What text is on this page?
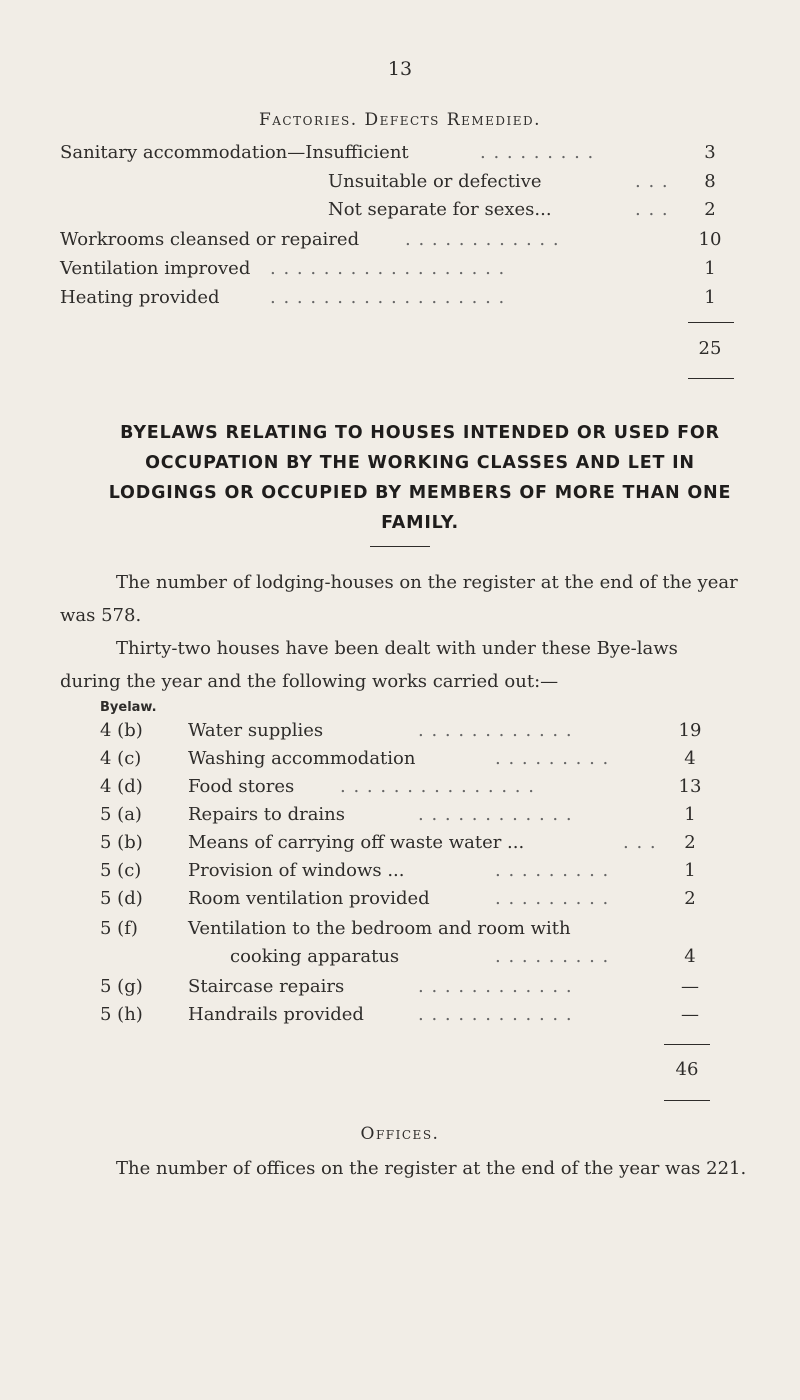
13
Factories. Defects Remedied.
Sanitary accommodation—Insufficient	. . . . . . . . .	3
Unsuitable or defective	. . .	8
Not separate for sexes...	. . .	2
Workrooms cleansed or repaired	. . . . . . . . . . . .	10
Ventilation improved . . . . . . . . . . . . . . . . . .	1
Heating provided	. . . . . . . . . . . . . . . . . .	1
25
BYELAWS RELATING TO HOUSES INTENDED OR USED FOR OCCUPATION BY THE WORKING CLASSES AND LET IN LODGINGS OR OCCUPIED BY MEMBERS OF MORE THAN ONE FAMILY.
The number of lodging-houses on the register at the end of the year was 578.
Thirty-two houses have been dealt with under these Bye-laws during the year and the following works carried out:—
Byelaw.
4 (b)	Water supplies	. . . . . . . . . . . .	19
4 (c)	Washing accommodation	. . . . . . . . .	4
4 (d)	Food stores	. . . . . . . . . . . . . . .	13
5 (a)	Repairs to drains	. . . . . . . . . . . .	1
5 (b)	Means of carrying off waste water ...	. . .	2
5 (c)	Provision of windows ...	. . . . . . . . .	1
5 (d)	Room ventilation provided	. . . . . . . . .	2
5 (f)	Ventilation to the bedroom and room with
cooking apparatus	. . . . . . . . .	4
5 (g)	Staircase repairs	. . . . . . . . . . . .	—
5 (h)	Handrails provided	. . . . . . . . . . . .	—
46
Offices.
The number of offices on the register at the end of the year was 221.
